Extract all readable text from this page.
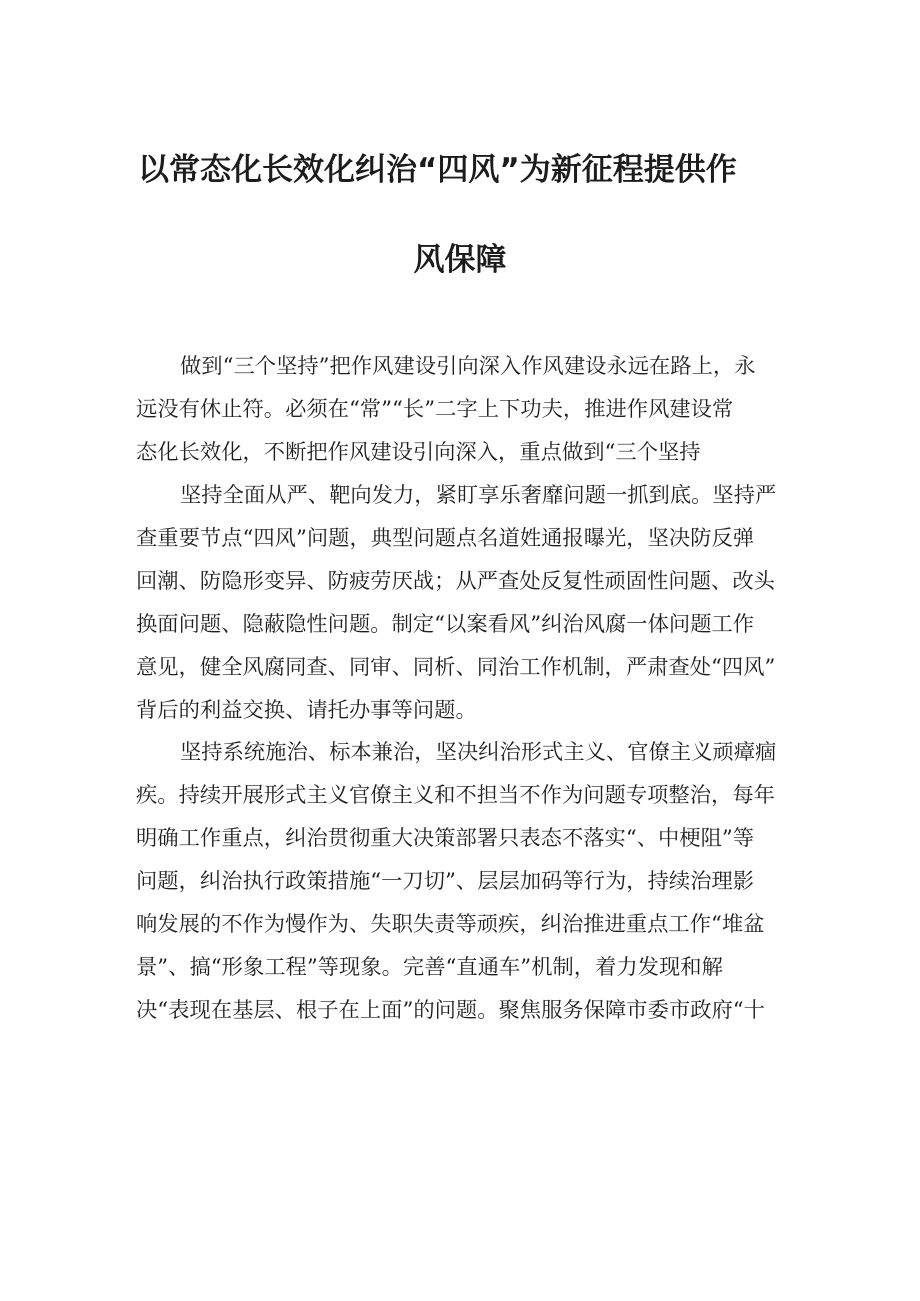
以常态化长效化纠治“四风”为新征程提供作
风保障
做到“三个坚持”把作风建设引向深入作风建设永远在路上，永
远没有休止符。必须在“常”“长”二字上下功夫，推进作风建设常
态化长效化，不断把作风建设引向深入，重点做到“三个坚持
坚持全面从严、靶向发力，紧盯享乐奢靡问题一抓到底。坚持严
查重要节点“四风”问题，典型问题点名道姓通报曝光，坚决防反弹
回潮、防隐形变异、防疲劳厌战；从严查处反复性顽固性问题、改头
换面问题、隐蔽隐性问题。制定“以案看风”纠治风腐一体问题工作
意见，健全风腐同查、同审、同析、同治工作机制，严肃查处“四风”
背后的利益交换、请托办事等问题。
坚持系统施治、标本兼治，坚决纠治形式主义、官僚主义顽瘴痼
疾。持续开展形式主义官僚主义和不担当不作为问题专项整治，每年
明确工作重点，纠治贯彻重大决策部署只表态不落实“、中梗阻”等
问题，纠治执行政策措施“一刀切”、层层加码等行为，持续治理影
响发展的不作为慢作为、失职失责等顽疾，纠治推进重点工作“堆盆
景”、搞“形象工程”等现象。完善“直通车”机制，着力发现和解
决“表现在基层、根子在上面”的问题。聚焦服务保障市委市政府“十
